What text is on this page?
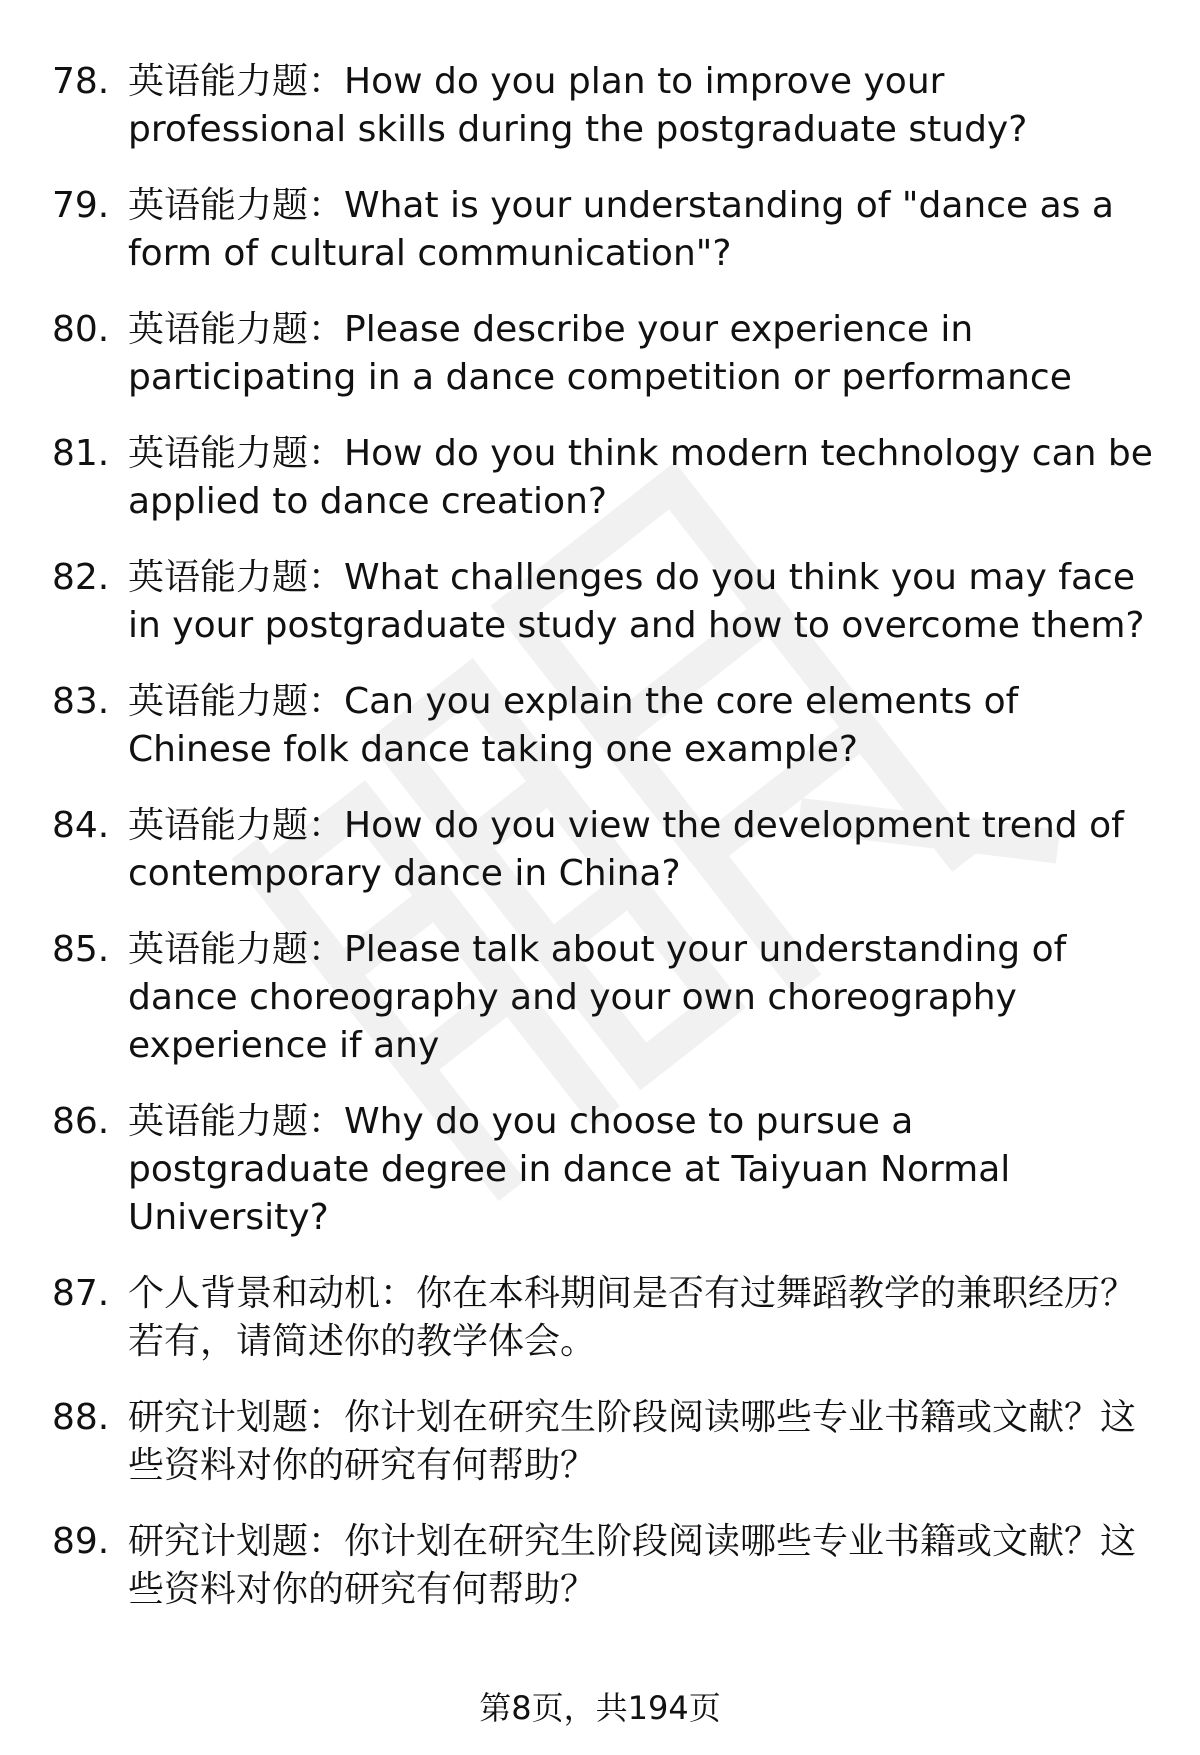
78. 英语能力题：How do you plan to improve your professional skills during the postgraduate study?
79. 英语能力题：What is your understanding of "dance as a form of cultural communication"?
80. 英语能力题：Please describe your experience in participating in a dance competition or performance
81. 英语能力题：How do you think modern technology can be applied to dance creation?
82. 英语能力题：What challenges do you think you may face in your postgraduate study and how to overcome them?
83. 英语能力题：Can you explain the core elements of Chinese folk dance taking one example?
84. 英语能力题：How do you view the development trend of contemporary dance in China?
85. 英语能力题：Please talk about your understanding of dance choreography and your own choreography experience if any
86. 英语能力题：Why do you choose to pursue a postgraduate degree in dance at Taiyuan Normal University?
87. 个人背景和动机：你在本科期间是否有过舞蹈教学的兼职经历？若有，请简述你的教学体会。
88. 研究计划题：你计划在研究生阶段阅读哪些专业书籍或文献？这些资料对你的研究有何帮助？
89. 研究计划题：你计划在研究生阶段阅读哪些专业书籍或文献？这些资料对你的研究有何帮助？
第8页，共194页
